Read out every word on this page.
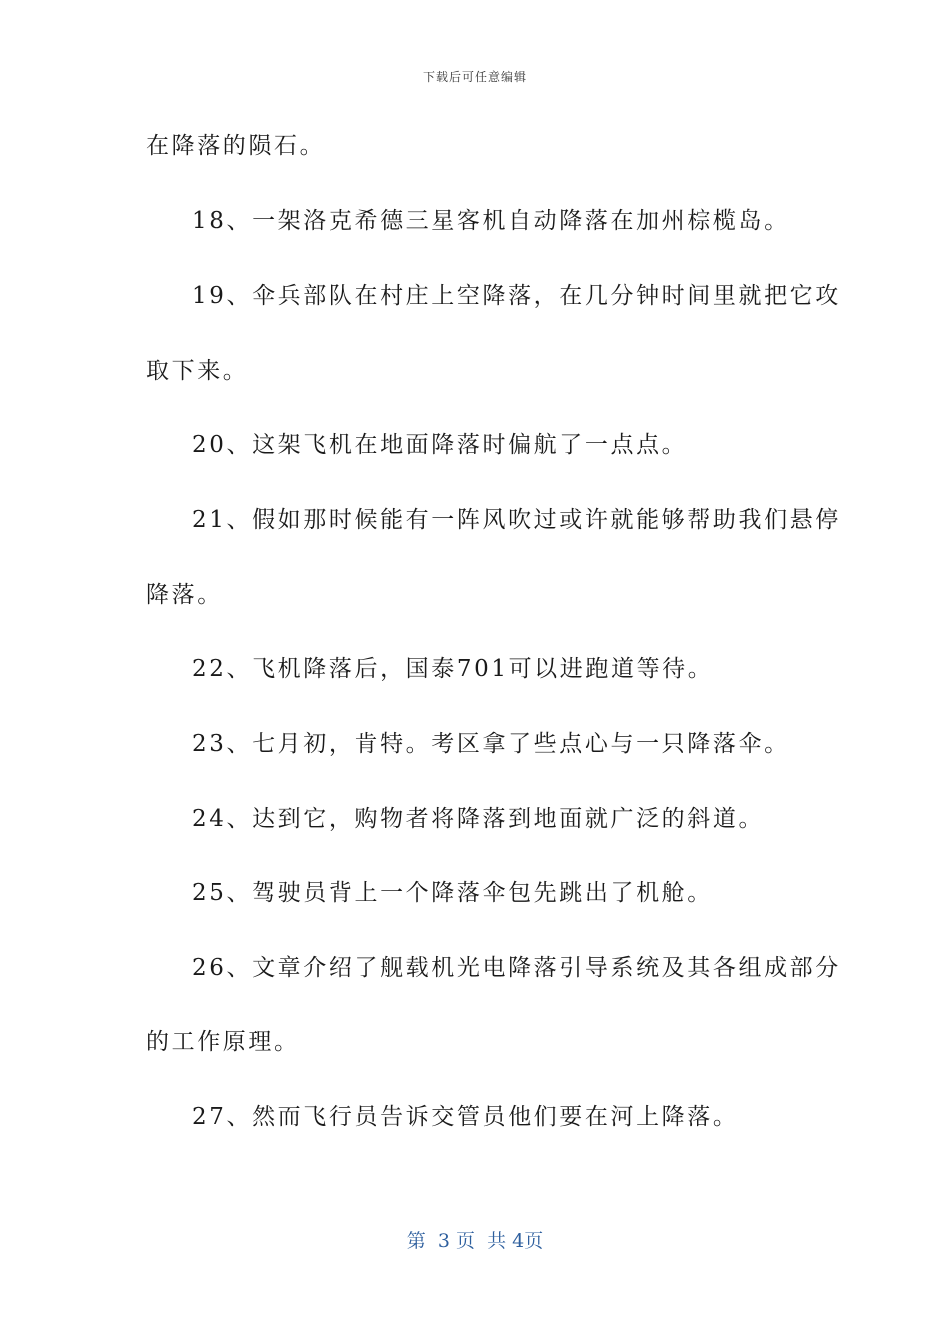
下载后可任意编辑
在降落的陨石。
18、一架洛克希德三星客机自动降落在加州棕榄岛。
19、伞兵部队在村庄上空降落，在几分钟时间里就把它攻
取下来。
20、这架飞机在地面降落时偏航了一点点。
21、假如那时候能有一阵风吹过或许就能够帮助我们悬停
降落。
22、飞机降落后，国泰701可以进跑道等待。
23、七月初，肯特。考区拿了些点心与一只降落伞。
24、达到它，购物者将降落到地面就广泛的斜道。
25、驾驶员背上一个降落伞包先跳出了机舱。
26、文章介绍了舰载机光电降落引导系统及其各组成部分
的工作原理。
27、然而飞行员告诉交管员他们要在河上降落。
第  3 页  共 4页
